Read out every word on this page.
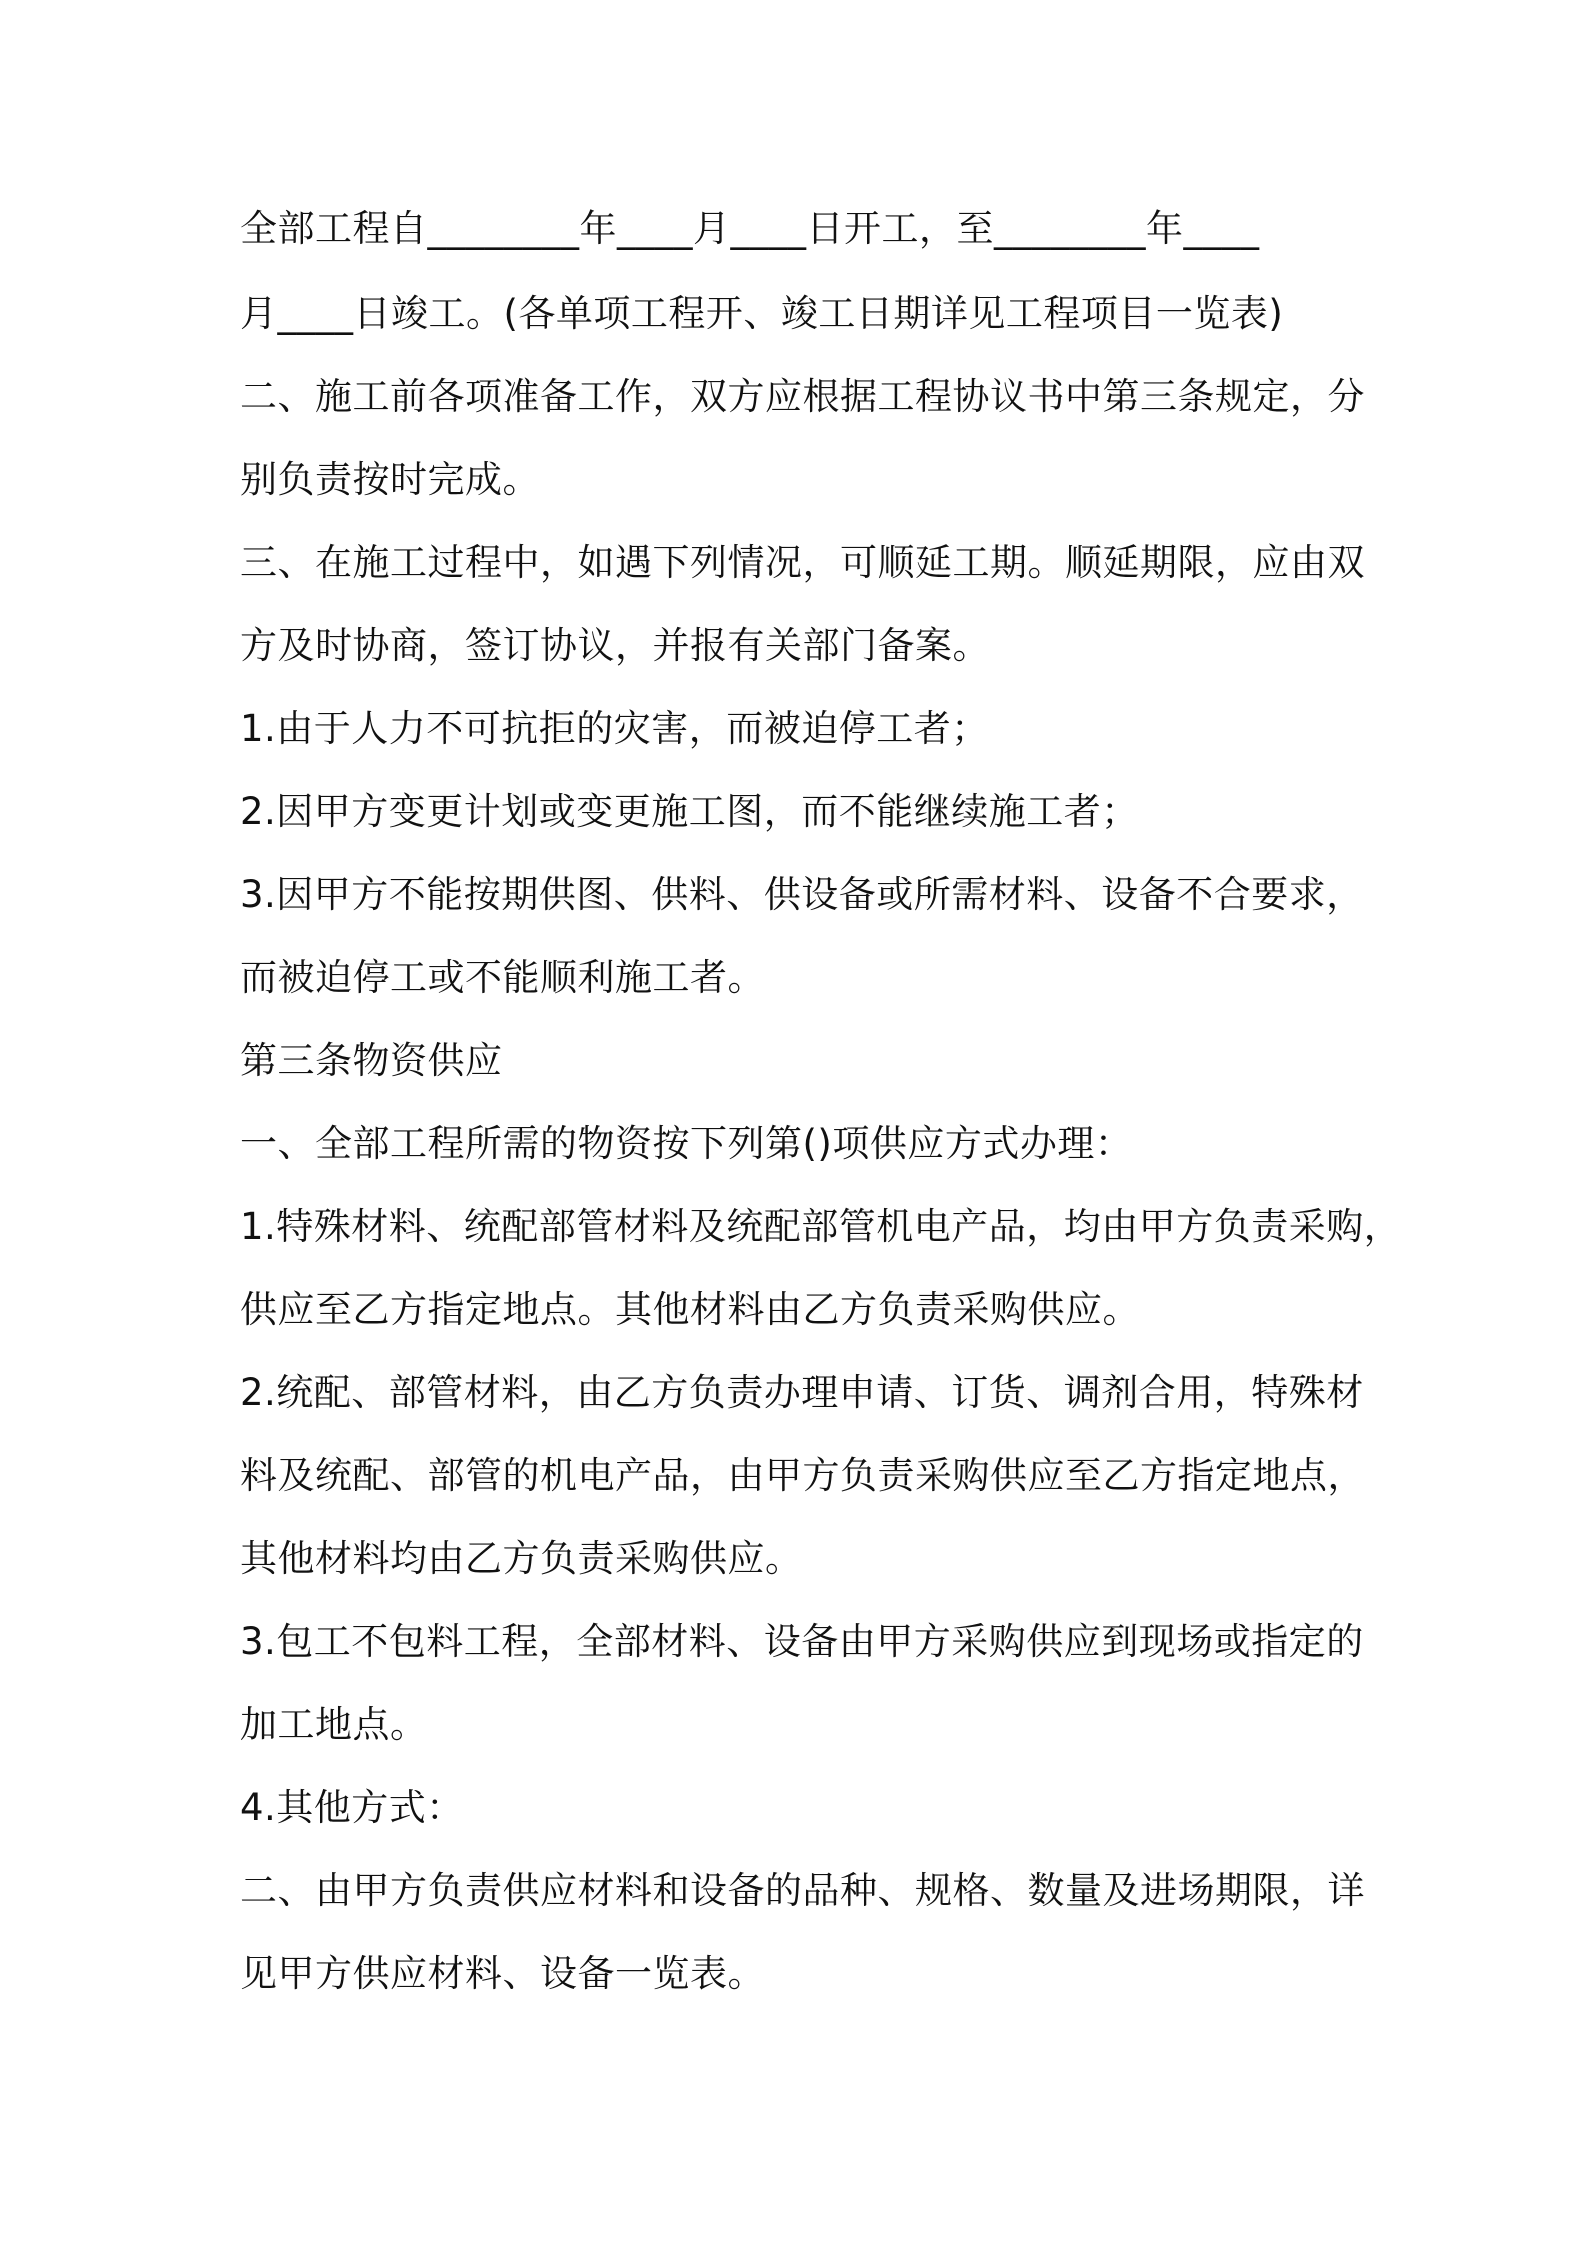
全部工程自________年____月____日开工，至________年____
月____日竣工。(各单项工程开、竣工日期详见工程项目一览表)
二、施工前各项准备工作，双方应根据工程协议书中第三条规定，分
别负责按时完成。
三、在施工过程中，如遇下列情况，可顺延工期。顺延期限，应由双
方及时协商，签订协议，并报有关部门备案。
1.由于人力不可抗拒的灾害，而被迫停工者；
2.因甲方变更计划或变更施工图，而不能继续施工者；
3.因甲方不能按期供图、供料、供设备或所需材料、设备不合要求，
而被迫停工或不能顺利施工者。
第三条物资供应
一、全部工程所需的物资按下列第()项供应方式办理：
1.特殊材料、统配部管材料及统配部管机电产品，均由甲方负责采购，
供应至乙方指定地点。其他材料由乙方负责采购供应。
2.统配、部管材料，由乙方负责办理申请、订货、调剂合用，特殊材
料及统配、部管的机电产品，由甲方负责采购供应至乙方指定地点，
其他材料均由乙方负责采购供应。
3.包工不包料工程，全部材料、设备由甲方采购供应到现场或指定的
加工地点。
4.其他方式：
二、由甲方负责供应材料和设备的品种、规格、数量及进场期限，详
见甲方供应材料、设备一览表。
